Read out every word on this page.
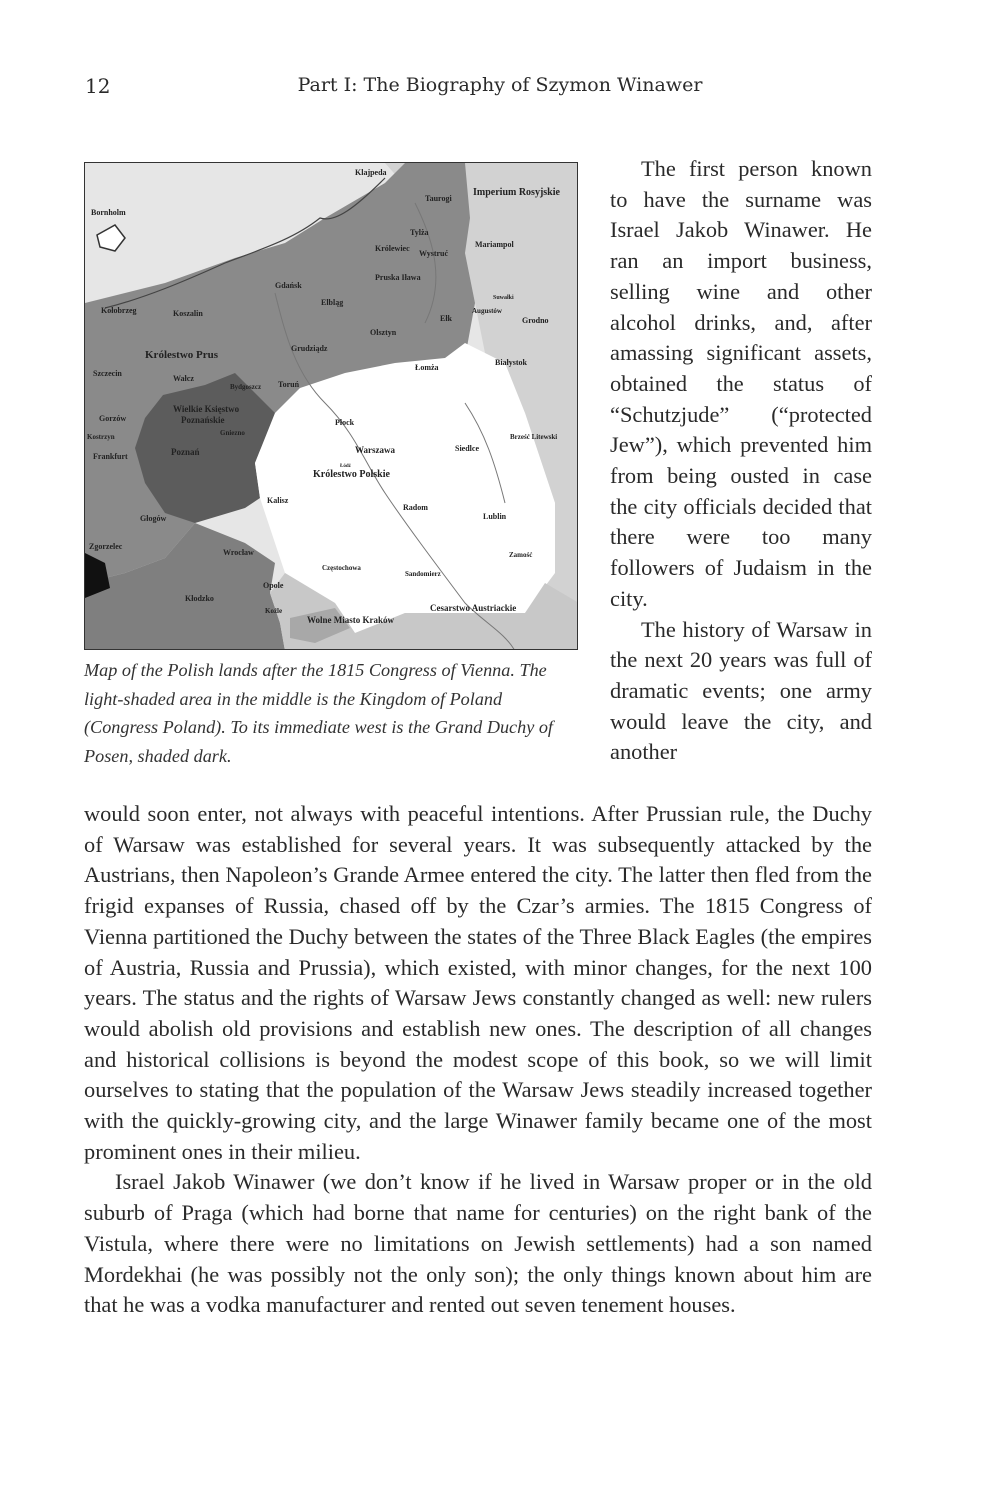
12	Part I: The Biography of Szymon Winawer
Klajpeda
Taurogi
Imperium Rosyjskie
Bornholm
Tylża
Królewiec
Wystruć
Mariampol
Pruska Iława
Gdańsk
Suwałki
Kołobrzeg
Elbląg
Augustów
Koszalin
Ełk	Grodno
Olsztyn
Królestwo Prus
Grudziądz
Białystok
Szczecin
Łomża
Wałcz
Bydgoszcz Toruń
Wielkie Księstwo
Poznańskie
Gorzów	Płock
Brześć Litewski
Kostrzyn	Gniezno
Warszawa	Siedlce
Frankfurt	Poznań
Łódź
Królestwo Polskie
Kalisz
Radom
Lublin
Głogów
Zgorzelec
Zamość
Wrocław
Częstochowa
Sandomierz
Opole
Kłodzko
Cesarstwo Austriackie
Koźle
Wolne Miasto Kraków
Map of the Polish lands after the 1815 Congress of Vienna. The light-shaded area in the middle is the Kingdom of Poland (Congress Poland). To its immediate west is the Grand Duchy of Posen, shaded dark.

The first person known to have the surname was Israel Jakob Winawer. He ran an import business, selling wine and other alcohol drinks, and, after amassing significant assets, obtained the status of “Schutzjude” (“protected Jew”), which prevented him from being ousted in case the city officials decided that there were too many followers of Judaism in the city.

The history of Warsaw in the next 20 years was full of dramatic events; one army would leave the city, and another

would soon enter, not always with peaceful intentions. After Prussian rule, the Duchy of Warsaw was established for several years. It was subsequently attacked by the Austrians, then Napoleon’s Grande Armee entered the city. The latter then fled from the frigid expanses of Russia, chased off by the Czar’s armies. The 1815 Congress of Vienna partitioned the Duchy between the states of the Three Black Eagles (the empires of Austria, Russia and Prussia), which existed, with minor changes, for the next 100 years. The status and the rights of Warsaw Jews constantly changed as well: new rulers would abolish old provisions and establish new ones. The description of all changes and historical collisions is beyond the modest scope of this book, so we will limit ourselves to stating that the population of the Warsaw Jews steadily increased together with the quickly-growing city, and the large Winawer family became one of the most prominent ones in their milieu.

Israel Jakob Winawer (we don’t know if he lived in Warsaw proper or in the old suburb of Praga (which had borne that name for centuries) on the right bank of the Vistula, where there were no limitations on Jewish settlements) had a son named Mordekhai (he was possibly not the only son); the only things known about him are that he was a vodka manufacturer and rented out seven tenement houses.
